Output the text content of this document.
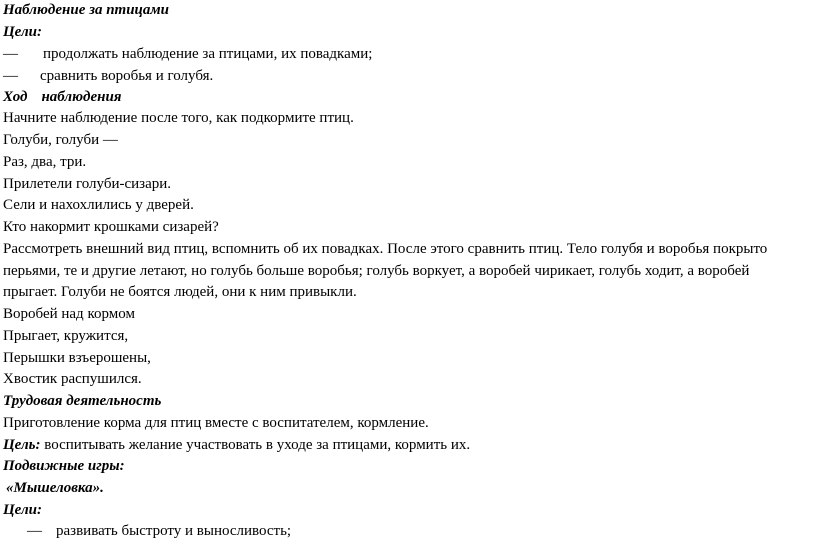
Наблюдение за птицами
Цели:
— продолжать наблюдение за птицами, их повадками;
— сравнить воробья и голубя.
Ход наблюдения
Начните наблюдение после того, как подкормите птиц.
Голуби, голуби —
Раз, два, три.
Прилетели голуби-сизари.
Сели и нахохлились у дверей.
Кто накормит крошками сизарей?
Рассмотреть внешний вид птиц, вспомнить об их повадках. После этого сравнить птиц. Тело голубя и воробья покрыто
перьями, те и другие летают, но голубь больше воробья; голубь воркует, а воробей чирикает, голубь ходит, а воробей
прыгает. Голуби не боятся людей, они к ним привыкли.
Воробей над кормом
Прыгает, кружится,
Перышки взъерошены,
Хвостик распушился.
Трудовая деятельность
Приготовление корма для птиц вместе с воспитателем, кормление.
Цель: воспитывать желание участвовать в уходе за птицами, кормить их.
Подвижные игры:
«Мышеловка».
Цели:
— развивать быстроту и выносливость;
